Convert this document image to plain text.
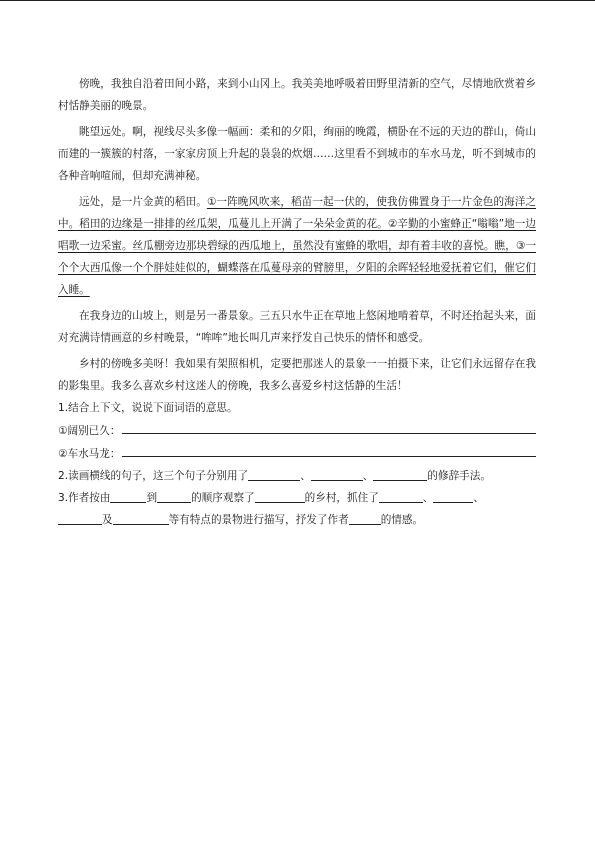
傍晚，我独自沿着田间小路，来到小山冈上。我美美地呼吸着田野里清新的空气，尽情地欣赏着乡村恬静美丽的晚景。

眺望远处。啊，视线尽头多像一幅画：柔和的夕阳，绚丽的晚霞，横卧在不远的天边的群山，倚山而建的一簇簇的村落，一家家房顶上升起的袅袅的炊烟……这里看不到城市的车水马龙，听不到城市的各种音响喧闹，但却充满神秘。

远处，是一片金黄的稻田。①一阵晚风吹来，稻苗一起一伏的，使我仿佛置身于一片金色的海洋之中。稻田的边缘是一排排的丝瓜架，瓜蔓儿上开满了一朵朵金黄的花。②辛勤的小蜜蜂正“嗡嗡”地一边唱歌一边采蜜。丝瓜棚旁边那块碧绿的西瓜地上，虽然没有蜜蜂的歌唱，却有着丰收的喜悦。瞧，③一个个大西瓜像一个个胖娃娃似的，蝴蝶落在瓜蔓母亲的臂膀里，夕阳的余晖轻轻地爱抚着它们，催它们入睡。

在我身边的山坡上，则是另一番景象。三五只水牛正在草地上悠闲地啃着草，不时还抬起头来，面对充满诗情画意的乡村晚景，“哞哞”地长叫几声来抒发自己快乐的情怀和感受。

乡村的傍晚多美呀！我如果有架照相机，定要把那迷人的景象一一拍摄下来，让它们永远留存在我的影集里。我多么喜欢乡村这迷人的傍晚，我多么喜爱乡村这恬静的生活！

1.结合上下文，说说下面词语的意思。

①阔别已久：
②车水马龙：

2.读画横线的句子，这三个句子分别用了	、	、	的修辞手法。

3.作者按由	到	的顺序观察了	的乡村，抓住了	、	、

及	等有特点的景物进行描写，抒发了作者	的情感。
